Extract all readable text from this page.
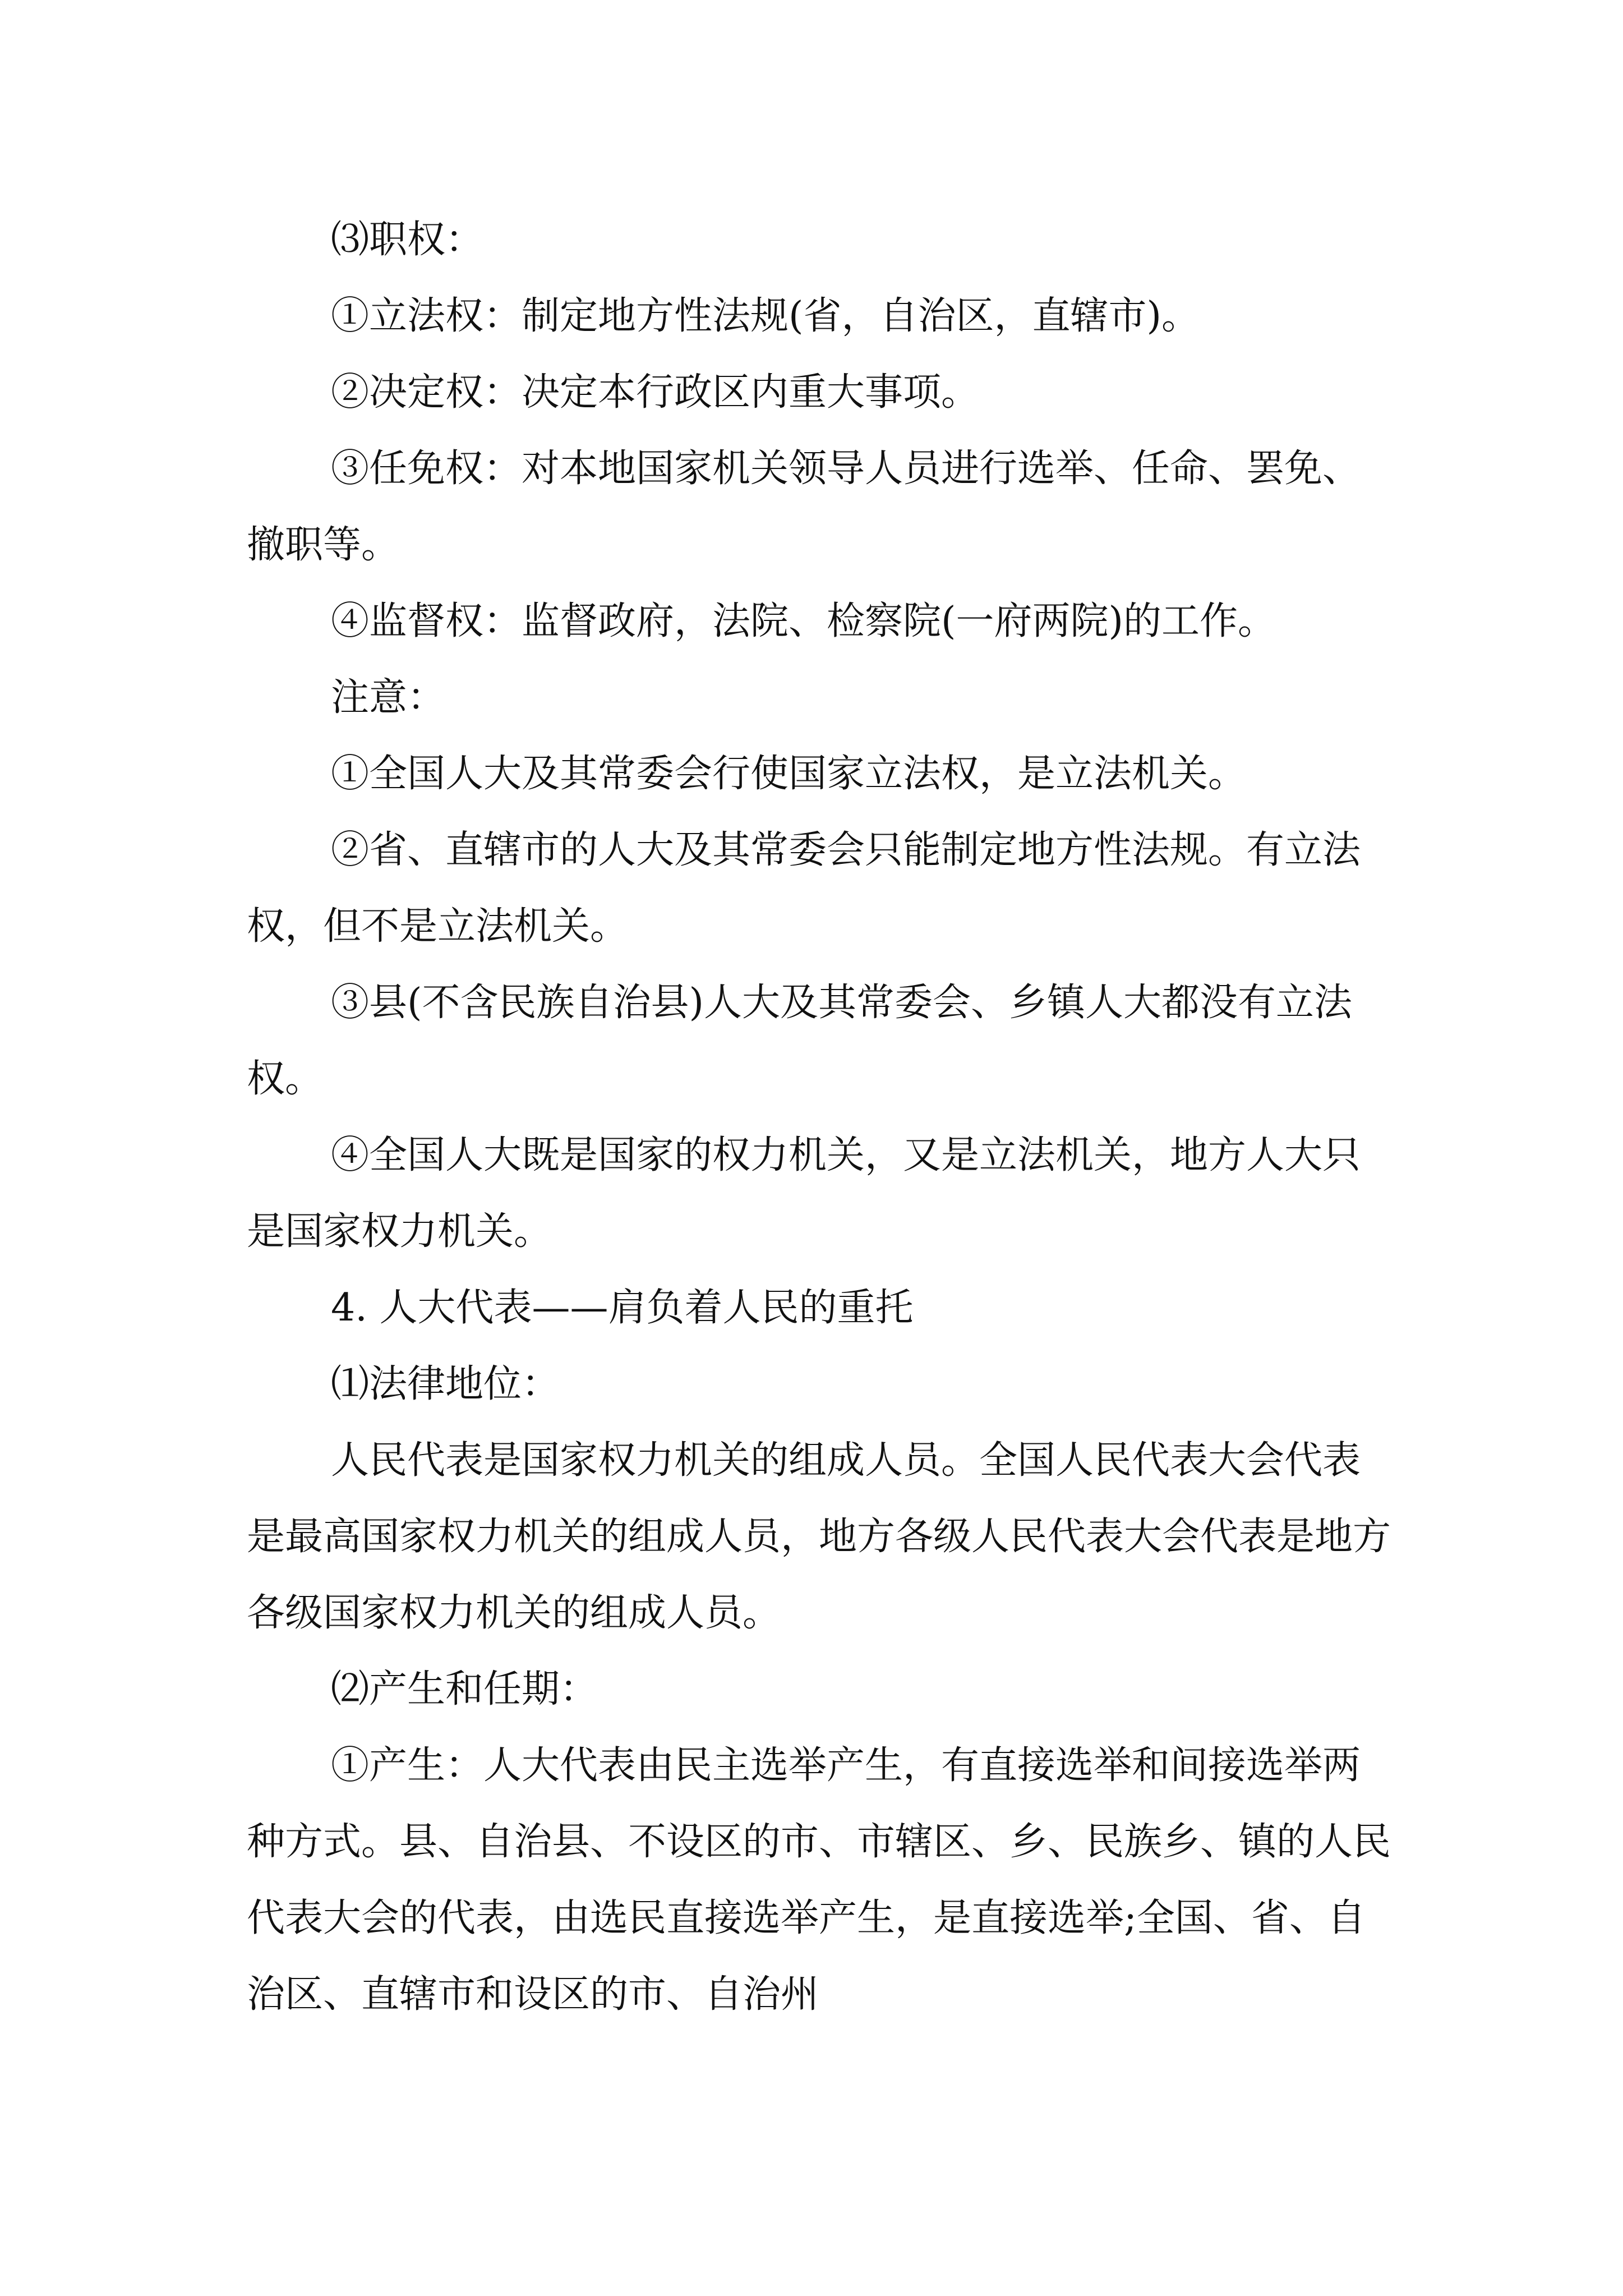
⑶职权：

①立法权：制定地方性法规(省，自治区，直辖市)。

②决定权：决定本行政区内重大事项。

③任免权：对本地国家机关领导人员进行选举、任命、罢免、撤职等。

④监督权：监督政府，法院、检察院(一府两院)的工作。

注意：

①全国人大及其常委会行使国家立法权，是立法机关。

②省、直辖市的人大及其常委会只能制定地方性法规。有立法权，但不是立法机关。

③县(不含民族自治县)人大及其常委会、乡镇人大都没有立法权。

④全国人大既是国家的权力机关，又是立法机关，地方人大只是国家权力机关。

4. 人大代表——肩负着人民的重托

⑴法律地位：

人民代表是国家权力机关的组成人员。全国人民代表大会代表是最高国家权力机关的组成人员，地方各级人民代表大会代表是地方各级国家权力机关的组成人员。

⑵产生和任期：

①产生：人大代表由民主选举产生，有直接选举和间接选举两种方式。县、自治县、不设区的市、市辖区、乡、民族乡、镇的人民代表大会的代表，由选民直接选举产生，是直接选举;全国、省、自治区、直辖市和设区的市、自治州
